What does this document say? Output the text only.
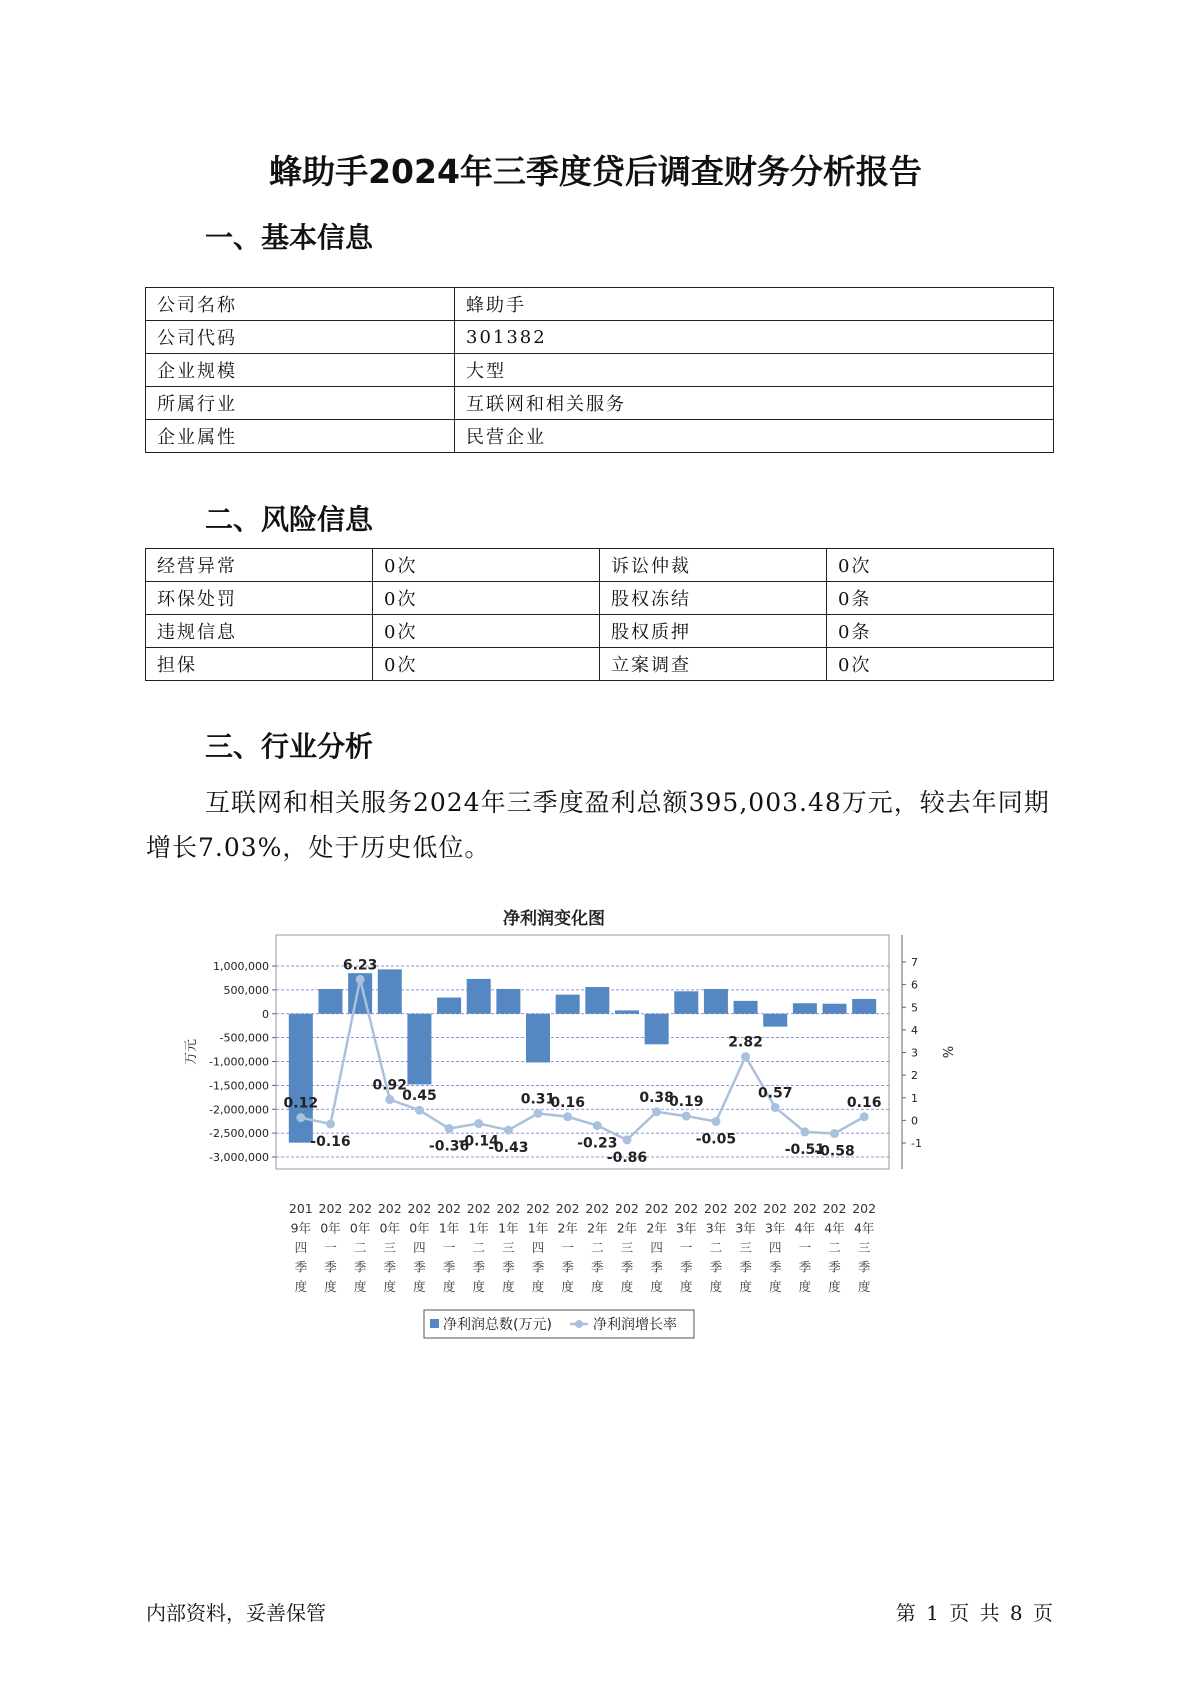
蜂助手2024年三季度贷后调查财务分析报告
一、基本信息
公司名称	蜂助手
公司代码	301382
企业规模	大型
所属行业	互联网和相关服务
企业属性	民营企业
二、风险信息
经营异常	0次	诉讼仲裁	0次
环保处罚	0次	股权冻结	0条
违规信息	0次	股权质押	0条
担保	0次	立案调查	0次
三、行业分析

互联网和相关服务2024年三季度盈利总额395,003.48万元，较去年同期增长7.03%，处于历史低位。

净利润变化图
1,000,000
500,000
0
-500,000
-1,000,000
-1,500,000
-2,000,000
-2,500,000
-3,000,000
7
6
5
4
3
2
1
0
-1
万元	%
0.12
-0.16
6.23
0.92
0.45
-0.36
-0.14
-0.43
0.31
0.16
-0.23
-0.86
0.38
0.19
-0.05
2.82
0.57
-0.51
-0.58
0.16
201
9年
四
季
度
202
0年
一
季
度
202
0年
二
季
度
202
0年
三
季
度
202
0年
四
季
度
202
1年
一
季
度
202
1年
二
季
度
202
1年
三
季
度
202
1年
四
季
度
202
2年
一
季
度
202
2年
二
季
度
202
2年
三
季
度
202
2年
四
季
度
202
3年
一
季
度
202
3年
二
季
度
202
3年
三
季
度
202
3年
四
季
度
202
4年
一
季
度
202
4年
二
季
度
202
4年
三
季
度
净利润总数(万元)	净利润增长率
内部资料，妥善保管	第 1 页 共 8 页
